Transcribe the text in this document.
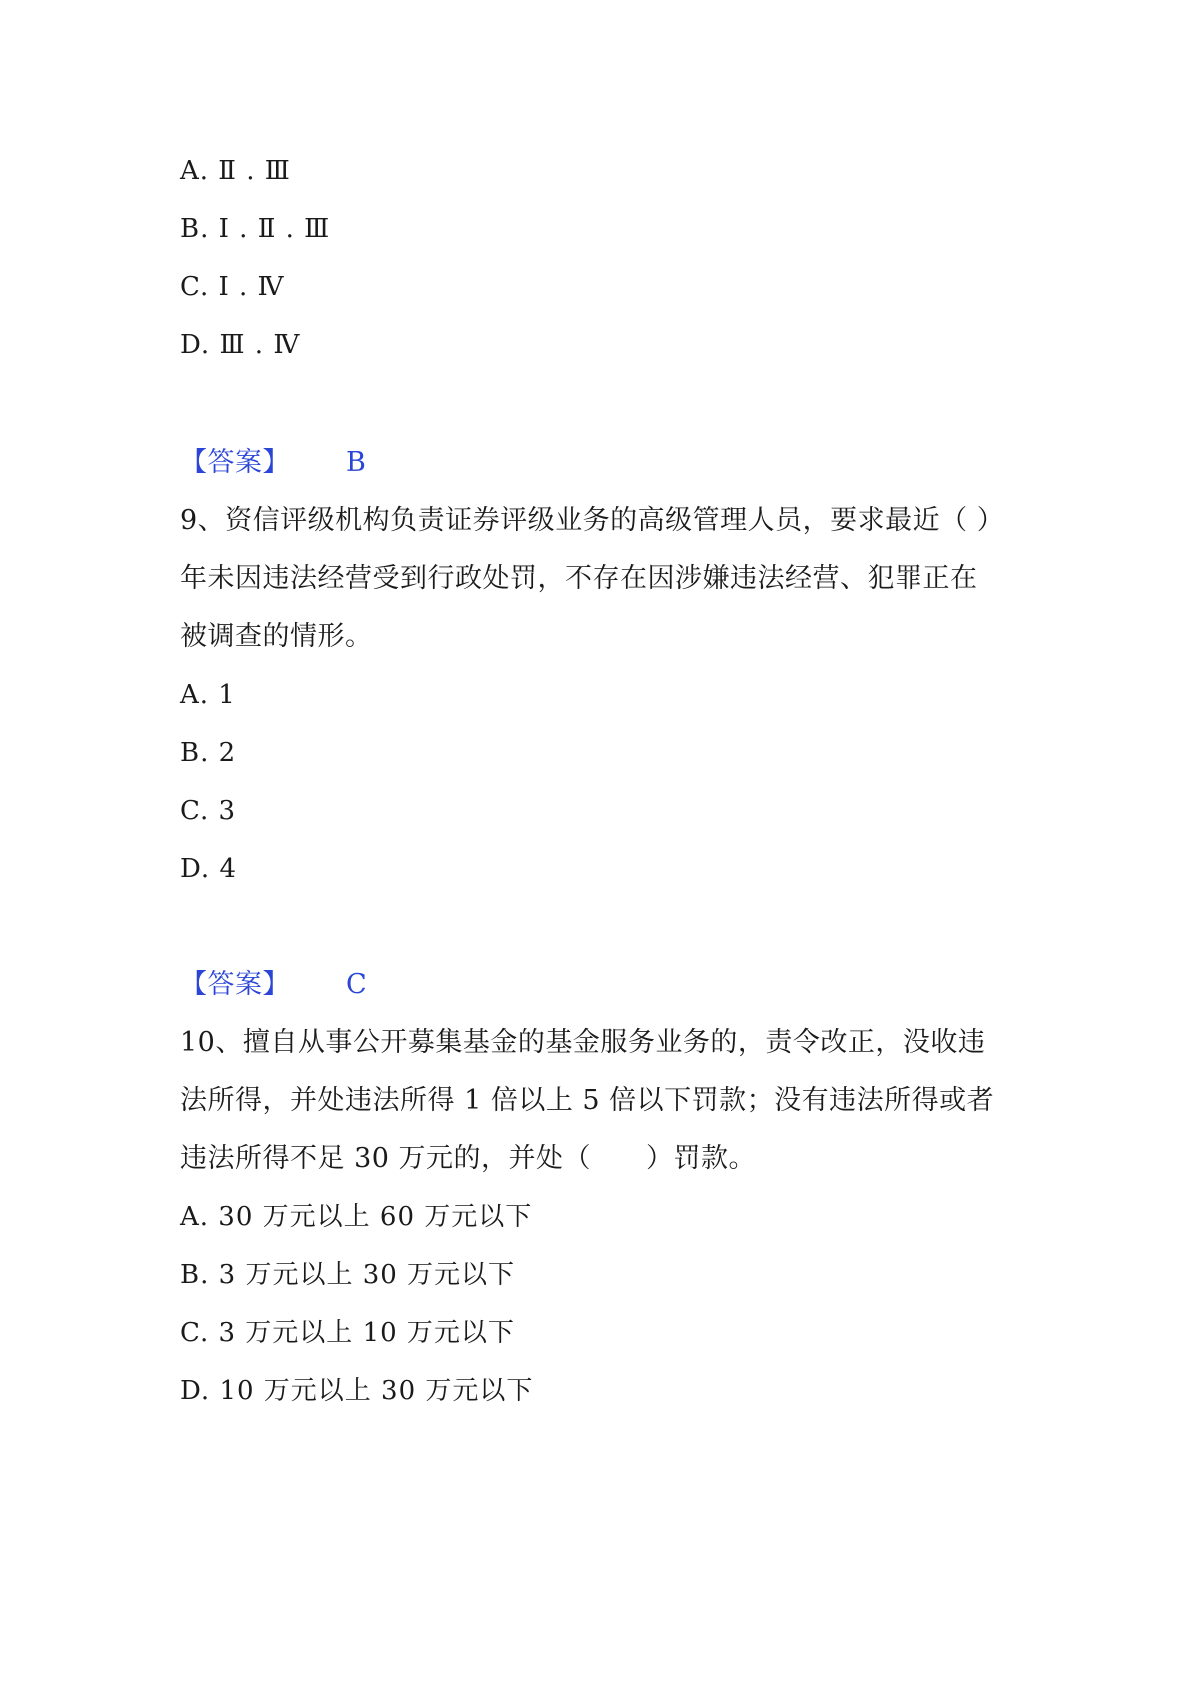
A. Ⅱ . Ⅲ
B. Ⅰ . Ⅱ . Ⅲ
C. Ⅰ . Ⅳ
D. Ⅲ . Ⅳ
【答案】 B
9、资信评级机构负责证券评级业务的高级管理人员，要求最近（ ）
年未因违法经营受到行政处罚，不存在因涉嫌违法经营、犯罪正在
被调查的情形。
A. 1
B. 2
C. 3
D. 4
【答案】 C
10、擅自从事公开募集基金的基金服务业务的，责令改正，没收违
法所得，并处违法所得 1 倍以上 5 倍以下罚款；没有违法所得或者
违法所得不足 30 万元的，并处（　　）罚款。
A. 30 万元以上 60 万元以下
B. 3 万元以上 30 万元以下
C. 3 万元以上 10 万元以下
D. 10 万元以上 30 万元以下
